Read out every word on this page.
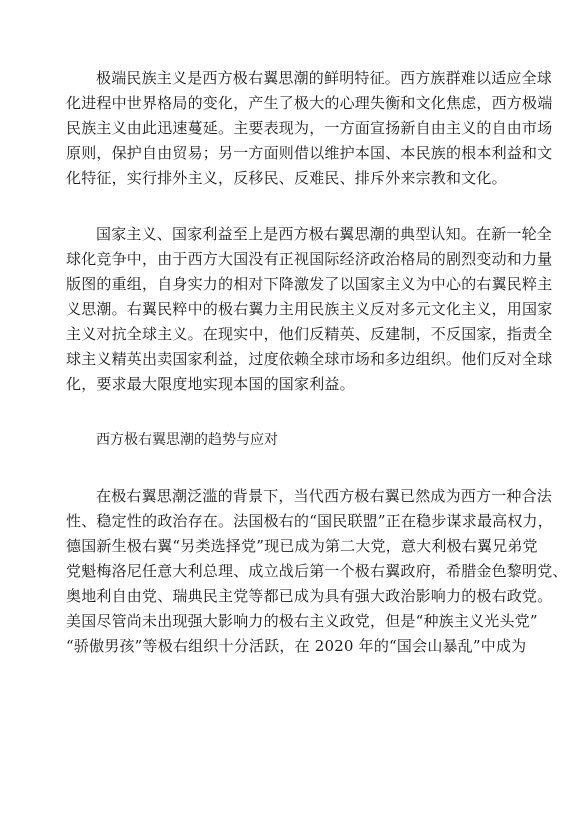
极端民族主义是西方极右翼思潮的鲜明特征。西方族群难以适应全球
化进程中世界格局的变化，产生了极大的心理失衡和文化焦虑，西方极端
民族主义由此迅速蔓延。主要表现为，一方面宣扬新自由主义的自由市场
原则，保护自由贸易；另一方面则借以维护本国、本民族的根本利益和文
化特征，实行排外主义，反移民、反难民、排斥外来宗教和文化。
国家主义、国家利益至上是西方极右翼思潮的典型认知。在新一轮全
球化竞争中，由于西方大国没有正视国际经济政治格局的剧烈变动和力量
版图的重组，自身实力的相对下降激发了以国家主义为中心的右翼民粹主
义思潮。右翼民粹中的极右翼力主用民族主义反对多元文化主义，用国家
主义对抗全球主义。在现实中，他们反精英、反建制，不反国家，指责全
球主义精英出卖国家利益，过度依赖全球市场和多边组织。他们反对全球
化，要求最大限度地实现本国的国家利益。

西方极右翼思潮的趋势与应对

在极右翼思潮泛滥的背景下，当代西方极右翼已然成为西方一种合法
性、稳定性的政治存在。法国极右的“国民联盟”正在稳步谋求最高权力，
德国新生极右翼“另类选择党”现已成为第二大党，意大利极右翼兄弟党
党魁梅洛尼任意大利总理、成立战后第一个极右翼政府，希腊金色黎明党、
奥地利自由党、瑞典民主党等都已成为具有强大政治影响力的极右政党。
美国尽管尚未出现强大影响力的极右主义政党，但是“种族主义光头党”
“骄傲男孩”等极右组织十分活跃，在 2020 年的“国会山暴乱”中成为
